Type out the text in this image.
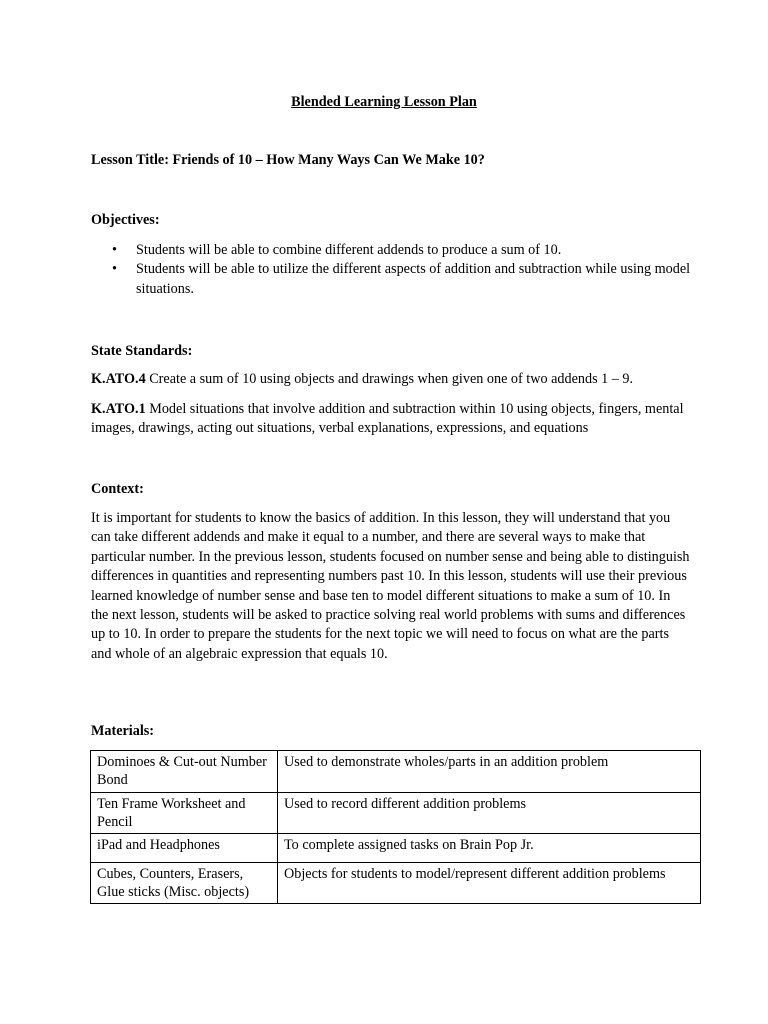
Blended Learning Lesson Plan
Lesson Title: Friends of 10 – How Many Ways Can We Make 10?
Objectives:
• Students will be able to combine different addends to produce a sum of 10.
• Students will be able to utilize the different aspects of addition and subtraction while using model situations.
State Standards:
K.ATO.4 Create a sum of 10 using objects and drawings when given one of two addends 1 – 9.
K.ATO.1 Model situations that involve addition and subtraction within 10 using objects, fingers, mental images, drawings, acting out situations, verbal explanations, expressions, and equations
Context:
It is important for students to know the basics of addition. In this lesson, they will understand that you can take different addends and make it equal to a number, and there are several ways to make that particular number. In the previous lesson, students focused on number sense and being able to distinguish differences in quantities and representing numbers past 10. In this lesson, students will use their previous learned knowledge of number sense and base ten to model different situations to make a sum of 10. In the next lesson, students will be asked to practice solving real world problems with sums and differences up to 10. In order to prepare the students for the next topic we will need to focus on what are the parts and whole of an algebraic expression that equals 10.
Materials:
Dominoes & Cut-out Number Bond	Used to demonstrate wholes/parts in an addition problem
Ten Frame Worksheet and Pencil	Used to record different addition problems
iPad and Headphones	To complete assigned tasks on Brain Pop Jr.
Cubes, Counters, Erasers, Glue sticks (Misc. objects)	Objects for students to model/represent different addition problems
